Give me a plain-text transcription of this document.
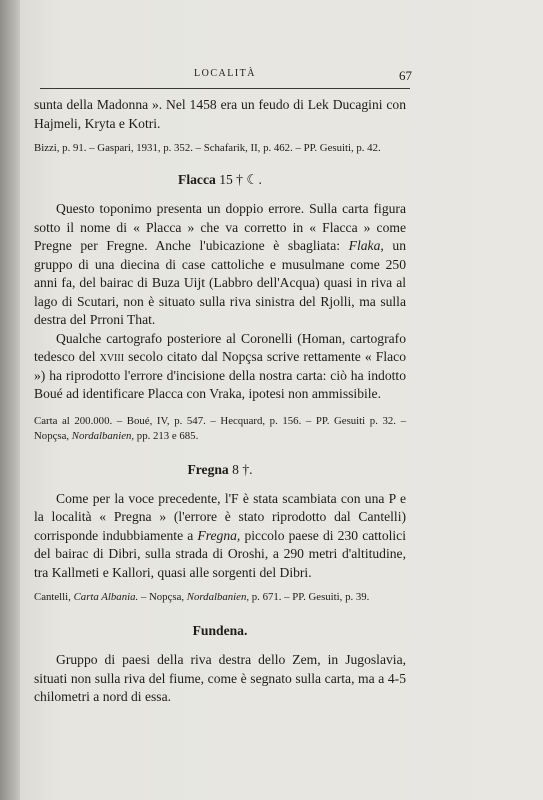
LOCALITÀ	67

sunta della Madonna ». Nel 1458 era un feudo di Lek Ducagini con Hajmeli, Kryta e Kotri.

Bizzi, p. 91. – Gaspari, 1931, p. 352. – Schafarik, II, p. 462. – PP. Gesuiti, p. 42.

Flacca 15 † ☾.

Questo toponimo presenta un doppio errore. Sulla carta figura sotto il nome di « Placca » che va corretto in « Flacca » come Pregne per Fregne. Anche l'ubicazione è sbagliata: Flaka, un gruppo di una diecina di case cattoliche e musulmane come 250 anni fa, del bairac di Buza Uijt (Labbro dell'Acqua) quasi in riva al lago di Scutari, non è situato sulla riva sinistra del Rjolli, ma sulla destra del Prroni That.

Qualche cartografo posteriore al Coronelli (Homan, cartografo tedesco del xviii secolo citato dal Nopçsa scrive rettamente « Flaco ») ha riprodotto l'errore d'incisione della nostra carta: ciò ha indotto Boué ad identificare Placca con Vraka, ipotesi non ammissibile.

Carta al 200.000. – Boué, IV, p. 547. – Hecquard, p. 156. – PP. Gesuiti p. 32. – Nopçsa, Nordalbanien, pp. 213 e 685.

Fregna 8 †.

Come per la voce precedente, l'F è stata scambiata con una P e la località « Pregna » (l'errore è stato riprodotto dal Cantelli) corrisponde indubbiamente a Fregna, piccolo paese di 230 cattolici del bairac di Dibri, sulla strada di Oroshi, a 290 metri d'altitudine, tra Kallmeti e Kallori, quasi alle sorgenti del Dibri.

Cantelli, Carta Albania. – Nopçsa, Nordalbanien, p. 671. – PP. Gesuiti, p. 39.

Fundena.

Gruppo di paesi della riva destra dello Zem, in Jugoslavia, situati non sulla riva del fiume, come è segnato sulla carta, ma a 4-5 chilometri a nord di essa.
